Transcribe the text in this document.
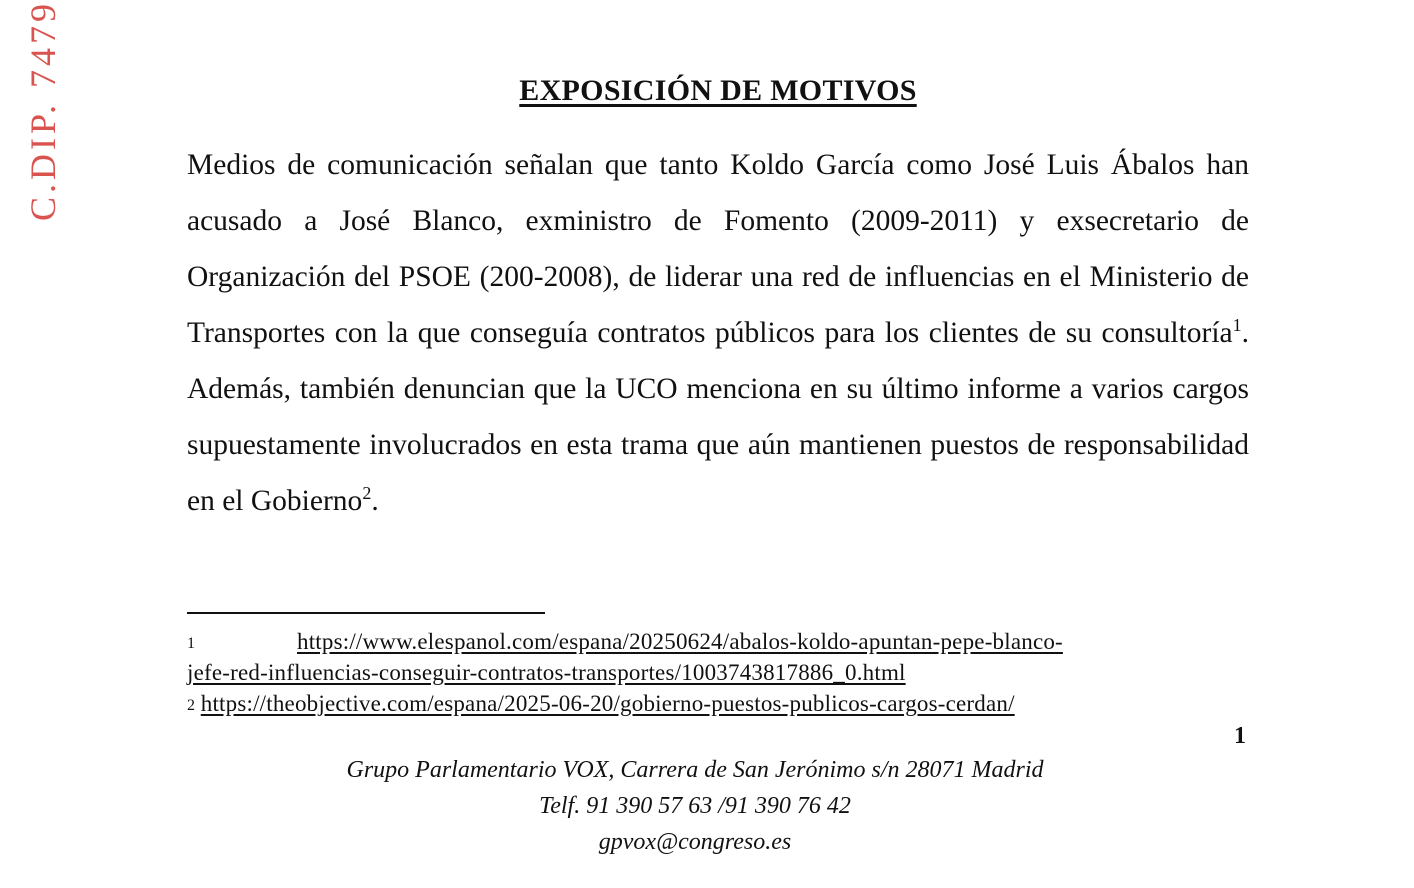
C.DIP. 7479	EXPOSICIÓN DE MOTIVOS

Medios de comunicación señalan que tanto Koldo García como José Luis Ábalos han acusado a José Blanco, exministro de Fomento (2009-2011) y exsecretario de Organización del PSOE (200-2008), de liderar una red de influencias en el Ministerio de Transportes con la que conseguía contratos públicos para los clientes de su consultoría$^1$. Además, también denuncian que la UCO menciona en su último informe a varios cargos supuestamente involucrados en esta trama que aún mantienen puestos de responsabilidad en el Gobierno$^2$.

1	https://www.elespanol.com/espana/20250624/abalos-koldo-apuntan-pepe-blanco-
jefe-red-influencias-conseguir-contratos-transportes/1003743817886_0.html
$^2$ https://theobjective.com/espana/2025-06-20/gobierno-puestos-publicos-cargos-cerdan/
1
Grupo Parlamentario VOX, Carrera de San Jerónimo s/n 28071 Madrid
Telf. 91 390 57 63 /91 390 76 42
gpvox@congreso.es
